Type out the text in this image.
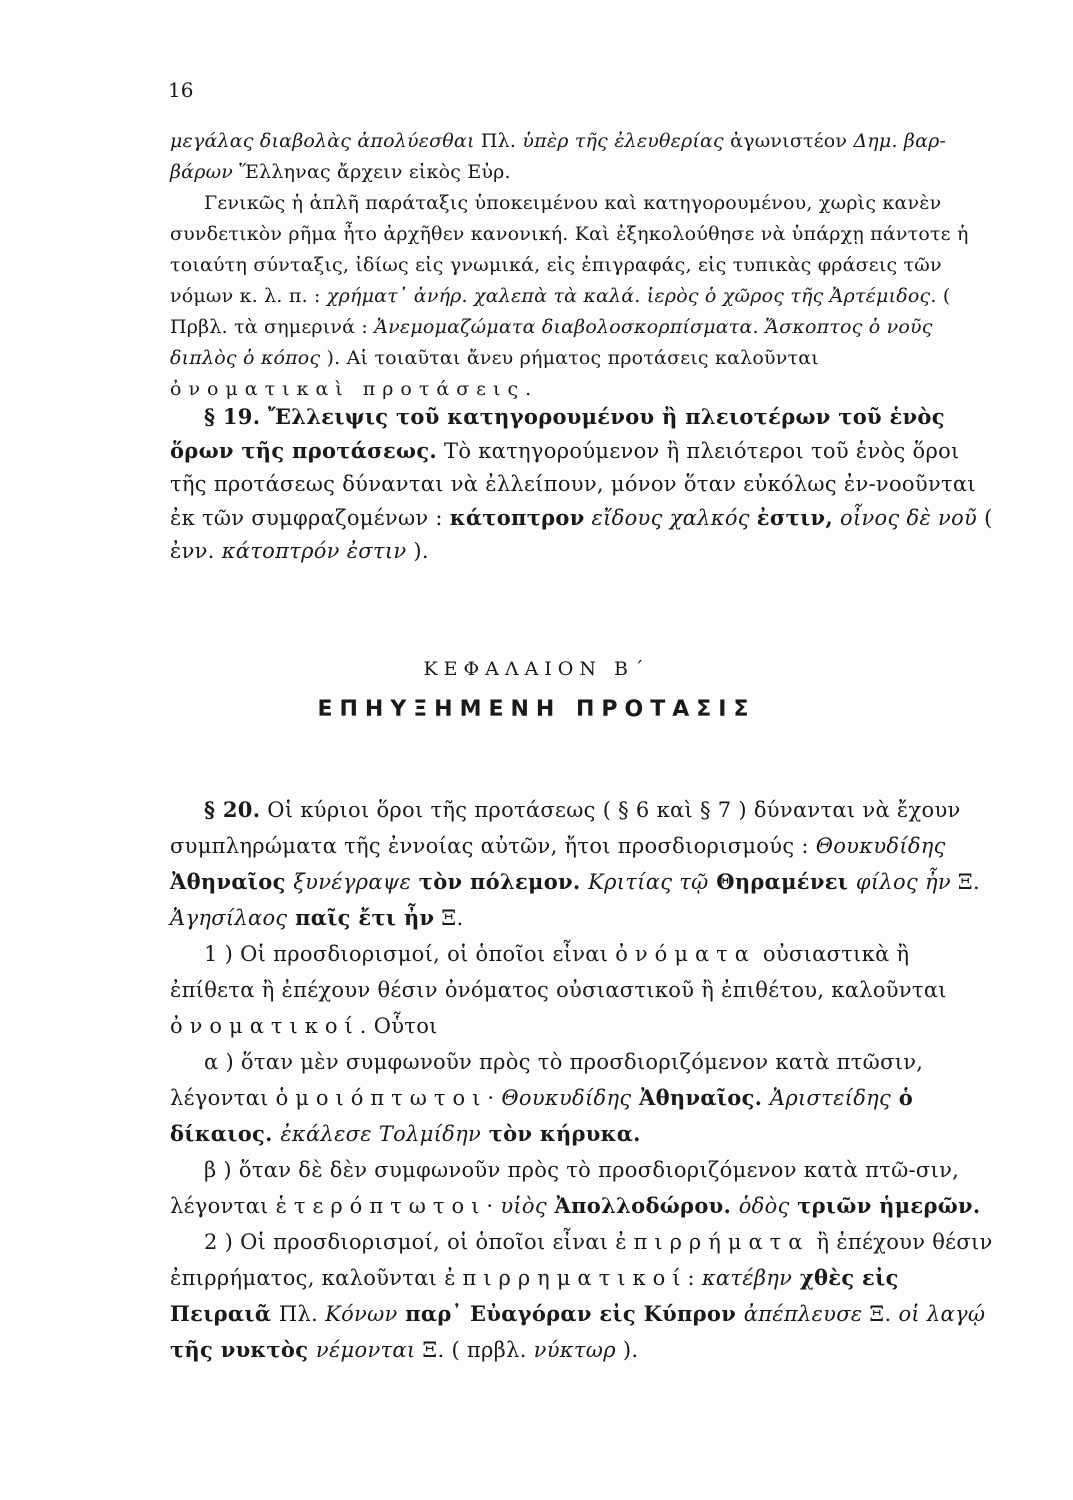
16

μεγάλας διαβολὰς ἀπολύεσθαι Πλ. ὑπὲρ τῆς ἐλευθερίας ἀγωνιστέον Δημ. βαρ-βάρων Ἕλληνας ἄρχειν εἰκὸς Εὐρ.
Γενικῶς ἡ ἁπλῆ παράταξις ὑποκειμένου καὶ κατηγορουμένου, χωρὶς κανὲν συνδετικὸν ρῆμα ἦτο ἀρχῆθεν κανονική. Καὶ ἐξηκολούθησε νὰ ὑπάρχῃ πάντοτε ἡ τοιαύτη σύνταξις, ἰδίως εἰς γνωμικά, εἰς ἐπιγραφάς, εἰς τυπικὰς φράσεις τῶν νόμων κ. λ. π. : χρήματ᾿ ἀνήρ. χαλεπὰ τὰ καλά. ἱερὸς ὁ χῶρος τῆς Ἀρτέμιδος. ( Πρβλ. τὰ σημερινά : Ἀνεμομαζώματα διαβολοσκορπίσματα. Ἄσκοπτος ὁ νοῦς διπλὸς ὁ κόπος ). Αἱ τοιαῦται ἄνευ ρήματος προτάσεις καλοῦνται ὀνοματικαὶ προτάσεις.

§ 19. Ἔλλειψις τοῦ κατηγορουμένου ἢ πλειοτέρων τοῦ ἑνὸς ὅρων τῆς προτάσεως. Τὸ κατηγορούμενον ἢ πλειότεροι τοῦ ἑνὸς ὅροι τῆς προτάσεως δύνανται νὰ ἐλλείπουν, μόνον ὅταν εὐκόλως ἐν-νοοῦνται ἐκ τῶν συμφραζομένων : κάτοπτρον εἴδους χαλκός ἐστιν, οἶνος δὲ νοῦ ( ἐνν. κάτοπτρόν ἐστιν ).

ΚΕΦΑΛΑΙΟΝ Β΄
ΕΠΗΥΞΗΜΕΝΗ ΠΡΟΤΑΣΙΣ

§ 20. Οἱ κύριοι ὅροι τῆς προτάσεως ( § 6 καὶ § 7 ) δύνανται νὰ ἔχουν συμπληρώματα τῆς ἐννοίας αὐτῶν, ἤτοι προσδιορισμούς : Θουκυδίδης Ἀθηναῖος ξυνέγραψε τὸν πόλεμον. Κριτίας τῷ Θηραμένει φίλος ἦν Ξ. Ἀγησίλαος παῖς ἔτι ἦν Ξ.
1 ) Οἱ προσδιορισμοί, οἱ ὁποῖοι εἶναι ὀνόματα οὐσιαστικὰ ἢ ἐπίθετα ἢ ἐπέχουν θέσιν ὀνόματος οὐσιαστικοῦ ἢ ἐπιθέτου, καλοῦνται ὀνοματικοί. Οὗτοι
α ) ὅταν μὲν συμφωνοῦν πρὸς τὸ προσδιοριζόμενον κατὰ πτῶσιν, λέγονται ὁμοιόπτωτοι· Θουκυδίδης Ἀθηναῖος. Ἀριστείδης ὁ δίκαιος. ἐκάλεσε Τολμίδην τὸν κήρυκα.
β ) ὅταν δὲ δὲν συμφωνοῦν πρὸς τὸ προσδιοριζόμενον κατὰ πτῶ-σιν, λέγονται ἑτερόπτωτοι· υἱὸς Ἀπολλοδώρου. ὁδὸς τριῶν ἡμερῶν.
2 ) Οἱ προσδιορισμοί, οἱ ὁποῖοι εἶναι ἐπιρρήματα ἢ ἐπέχουν θέσιν ἐπιρρήματος, καλοῦνται ἐπιρρηματικοί: κατέβην χθὲς εἰς Πειραιᾶ Πλ. Κόνων παρ᾿ Εὐαγόραν εἰς Κύπρον ἀπέπλευσε Ξ. οἱ λαγῴ τῆς νυκτὸς νέμονται Ξ. ( πρβλ. νύκτωρ ).
